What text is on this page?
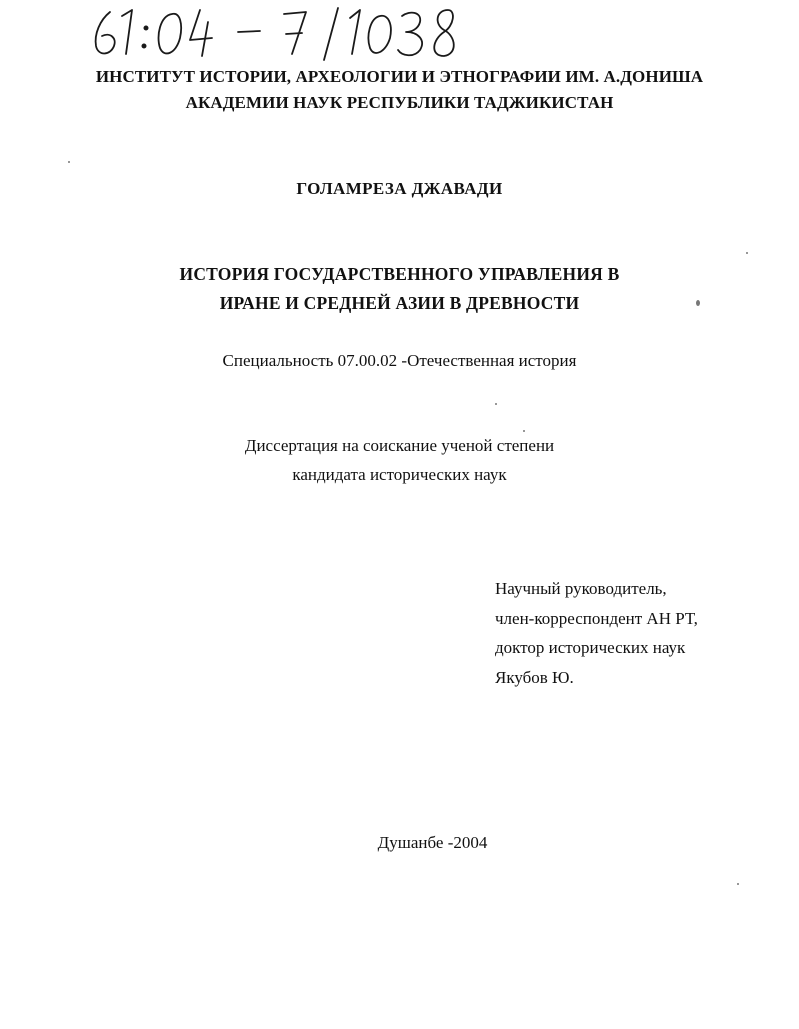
ИНСТИТУТ ИСТОРИИ, АРХЕОЛОГИИ И ЭТНОГРАФИИ ИМ. А.ДОНИША
АКАДЕМИИ НАУК РЕСПУБЛИКИ ТАДЖИКИСТАН
ГОЛАМРЕЗА ДЖАВАДИ
ИСТОРИЯ ГОСУДАРСТВЕННОГО УПРАВЛЕНИЯ В
ИРАНЕ И СРЕДНЕЙ АЗИИ В ДРЕВНОСТИ
Специальность 07.00.02 -Отечественная история
Диссертация на соискание ученой степени
кандидата исторических наук
Научный руководитель,
член-корреспондент АН РТ,
доктор исторических наук
Якубов Ю.
Душанбе -2004
